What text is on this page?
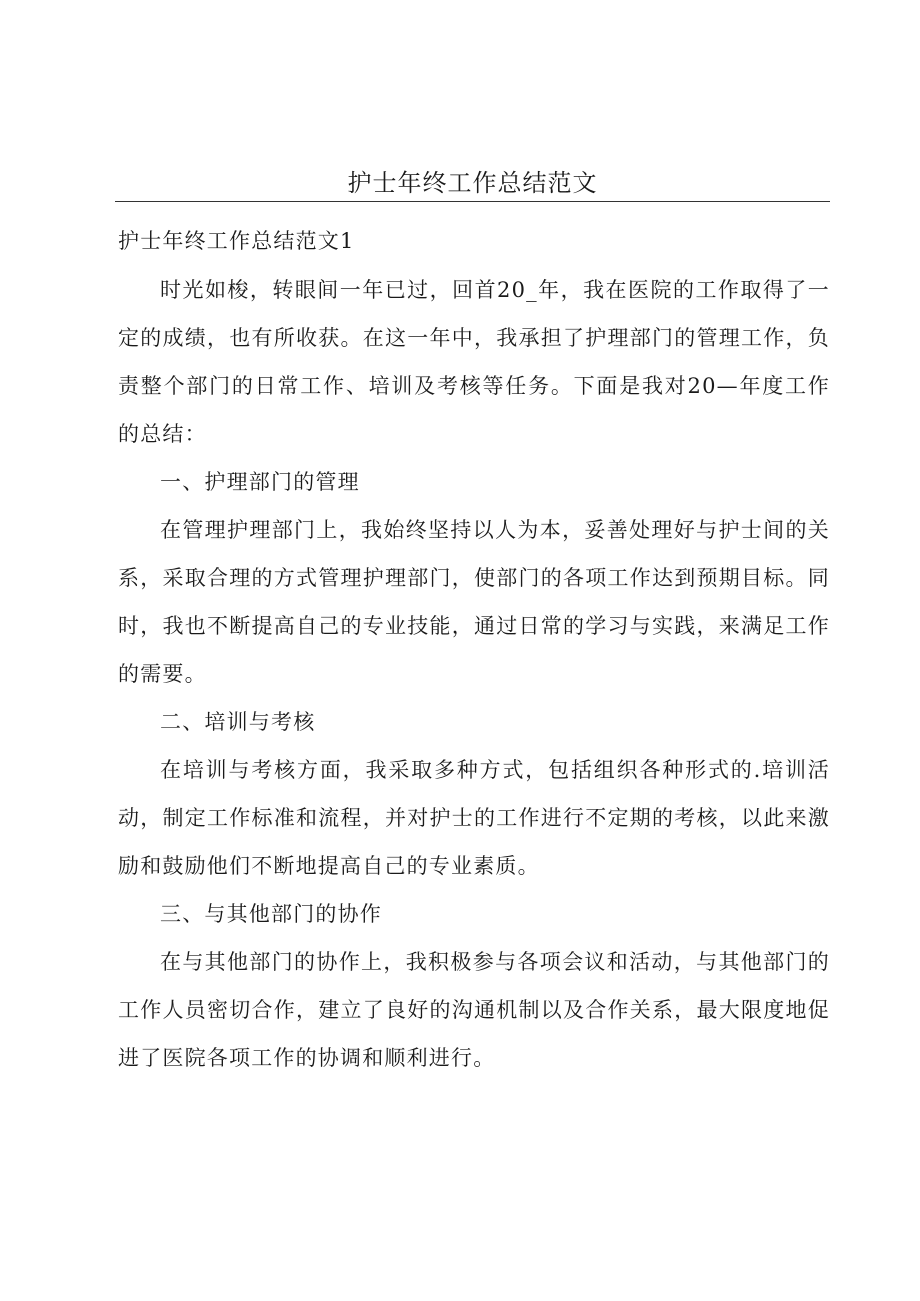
护士年终工作总结范文

护士年终工作总结范文1

时光如梭，转眼间一年已过，回首20_年，我在医院的工作取得了一定的成绩，也有所收获。在这一年中，我承担了护理部门的管理工作，负责整个部门的日常工作、培训及考核等任务。下面是我对20—年度工作的总结：

一、护理部门的管理

在管理护理部门上，我始终坚持以人为本，妥善处理好与护士间的关系，采取合理的方式管理护理部门，使部门的各项工作达到预期目标。同时，我也不断提高自己的专业技能，通过日常的学习与实践，来满足工作的需要。

二、培训与考核

在培训与考核方面，我采取多种方式，包括组织各种形式的.培训活动，制定工作标准和流程，并对护士的工作进行不定期的考核，以此来激励和鼓励他们不断地提高自己的专业素质。

三、与其他部门的协作

在与其他部门的协作上，我积极参与各项会议和活动，与其他部门的工作人员密切合作，建立了良好的沟通机制以及合作关系，最大限度地促进了医院各项工作的协调和顺利进行。
